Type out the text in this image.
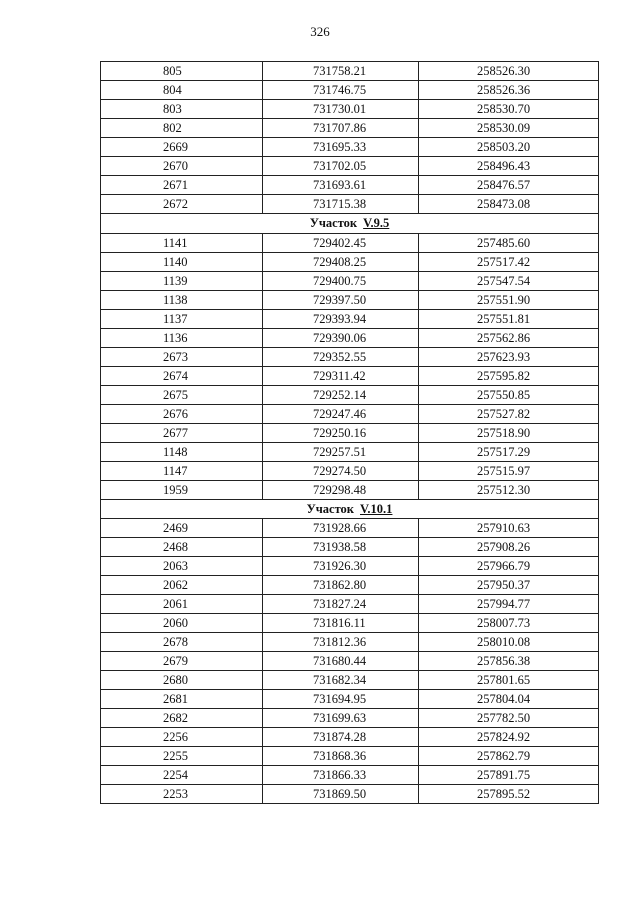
326
805	731758.21	258526.30
804	731746.75	258526.36
803	731730.01	258530.70
802	731707.86	258530.09
2669	731695.33	258503.20
2670	731702.05	258496.43
2671	731693.61	258476.57
2672	731715.38	258473.08
Участок V.9.5		
1141	729402.45	257485.60
1140	729408.25	257517.42
1139	729400.75	257547.54
1138	729397.50	257551.90
1137	729393.94	257551.81
1136	729390.06	257562.86
2673	729352.55	257623.93
2674	729311.42	257595.82
2675	729252.14	257550.85
2676	729247.46	257527.82
2677	729250.16	257518.90
1148	729257.51	257517.29
1147	729274.50	257515.97
1959	729298.48	257512.30
Участок V.10.1		
2469	731928.66	257910.63
2468	731938.58	257908.26
2063	731926.30	257966.79
2062	731862.80	257950.37
2061	731827.24	257994.77
2060	731816.11	258007.73
2678	731812.36	258010.08
2679	731680.44	257856.38
2680	731682.34	257801.65
2681	731694.95	257804.04
2682	731699.63	257782.50
2256	731874.28	257824.92
2255	731868.36	257862.79
2254	731866.33	257891.75
2253	731869.50	257895.52
